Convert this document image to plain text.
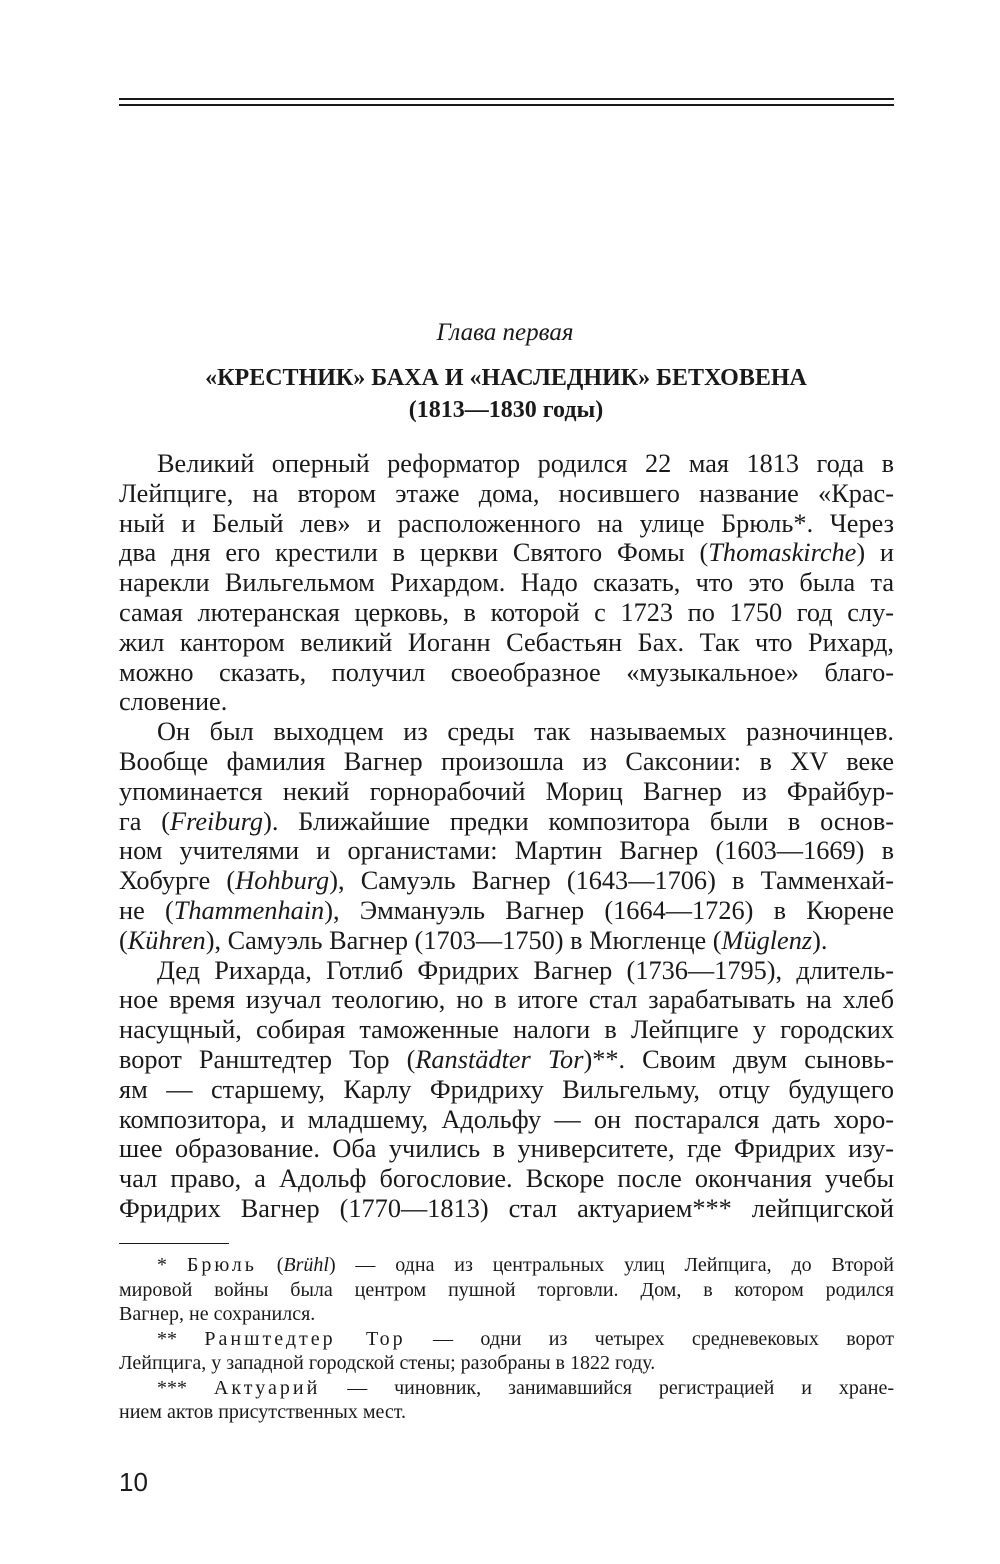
Глава первая
«КРЕСТНИК» БАХА И «НАСЛЕДНИК» БЕТХОВЕНА
(1813—1830 годы)
Великий оперный реформатор родился 22 мая 1813 года в
Лейпциге, на втором этаже дома, носившего название «Крас-
ный и Белый лев» и расположенного на улице Брюль*. Через
два дня его крестили в церкви Святого Фомы (Thomaskirche) и
нарекли Вильгельмом Рихардом. Надо сказать, что это была та
самая лютеранская церковь, в которой с 1723 по 1750 год слу-
жил кантором великий Иоганн Себастьян Бах. Так что Рихард,
можно сказать, получил своеобразное «музыкальное» благо-
словение.
Он был выходцем из среды так называемых разночинцев.
Вообще фамилия Вагнер произошла из Саксонии: в XV веке
упоминается некий горнорабочий Мориц Вагнер из Фрайбур-
га (Freiburg). Ближайшие предки композитора были в основ-
ном учителями и органистами: Мартин Вагнер (1603—1669) в
Хобурге (Hohburg), Самуэль Вагнер (1643—1706) в Тамменхай-
не (Thammenhain), Эммануэль Вагнер (1664—1726) в Кюрене
(Kühren), Самуэль Вагнер (1703—1750) в Мюгленце (Müglenz).
Дед Рихарда, Готлиб Фридрих Вагнер (1736—1795), длитель-
ное время изучал теологию, но в итоге стал зарабатывать на хлеб
насущный, собирая таможенные налоги в Лейпциге у городских
ворот Ранштедтер Тор (Ranstädter Tor)**. Своим двум сыновь-
ям — старшему, Карлу Фридриху Вильгельму, отцу будущего
композитора, и младшему, Адольфу — он постарался дать хоро-
шее образование. Оба учились в университете, где Фридрих изу-
чал право, а Адольф богословие. Вскоре после окончания учебы
Фридрих Вагнер (1770—1813) стал актуарием*** лейпцигской
* Брюль (Brühl) — одна из центральных улиц Лейпцига, до Второй
мировой войны была центром пушной торговли. Дом, в котором родился
Вагнер, не сохранился.
** Ранштедтер Тор — одни из четырех средневековых ворот
Лейпцига, у западной городской стены; разобраны в 1822 году.
*** Актуарий — чиновник, занимавшийся регистрацией и хране-
нием актов присутственных мест.
10
